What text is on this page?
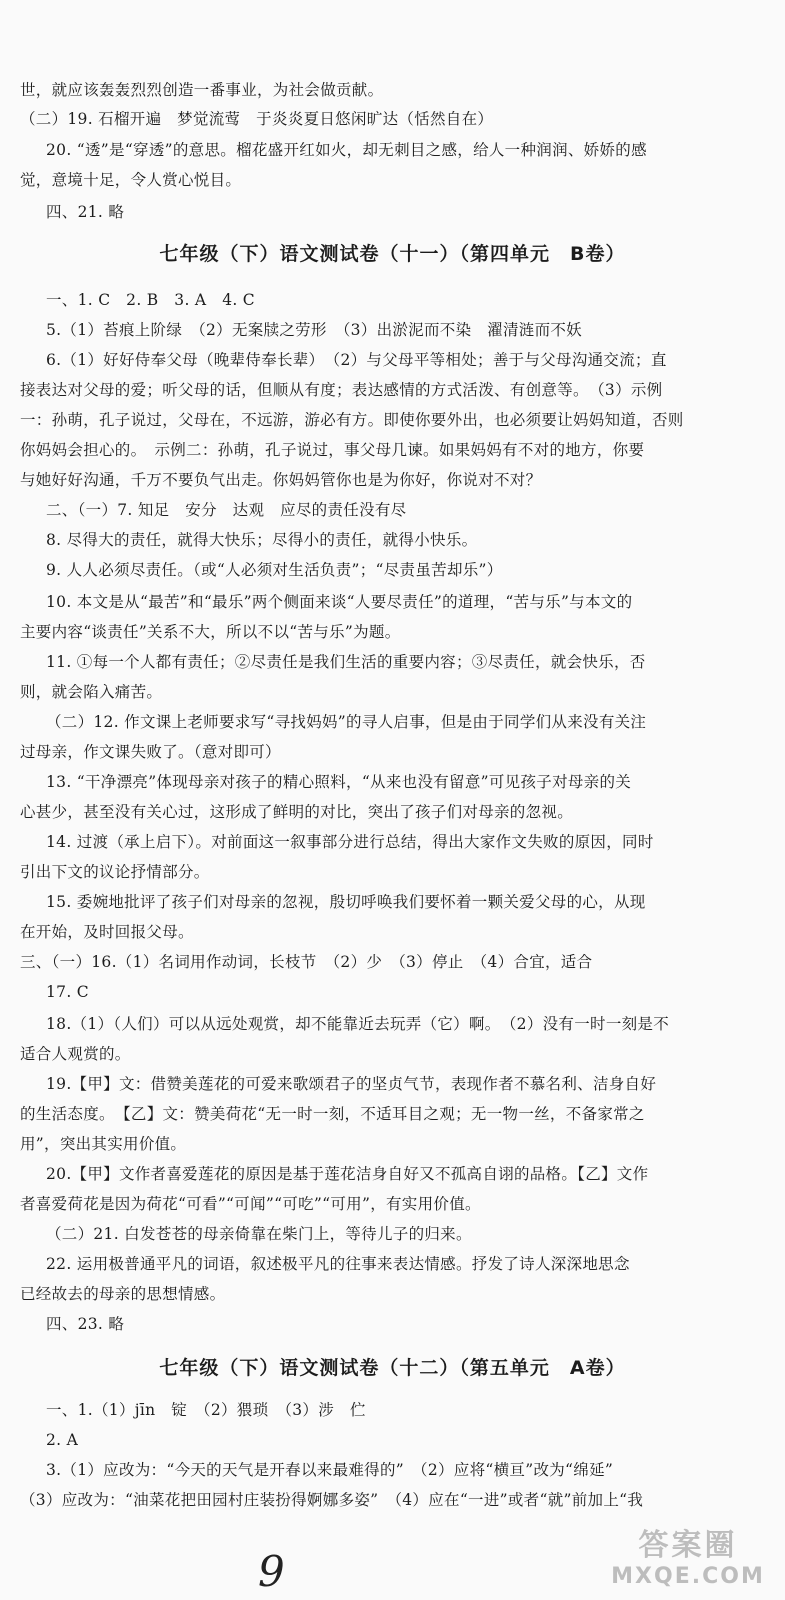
世，就应该轰轰烈烈创造一番事业，为社会做贡献。
（二）19. 石榴开遍　梦觉流莺　于炎炎夏日悠闲旷达（恬然自在）
20. “透”是“穿透”的意思。榴花盛开红如火，却无刺目之感，给人一种润润、娇娇的感
觉，意境十足，令人赏心悦目。
四、21. 略
七年级（下）语文测试卷（十一）（第四单元　B卷）
一、1. C　2. B　3. A　4. C
5.（1）苔痕上阶绿　（2）无案牍之劳形　（3）出淤泥而不染　濯清涟而不妖
6.（1）好好侍奉父母（晚辈侍奉长辈）　（2）与父母平等相处；善于与父母沟通交流；直
接表达对父母的爱；听父母的话，但顺从有度；表达感情的方式活泼、有创意等。　（3）示例
一：孙萌，孔子说过，父母在，不远游，游必有方。即使你要外出，也必须要让妈妈知道，否则
你妈妈会担心的。　示例二：孙萌，孔子说过，事父母几谏。如果妈妈有不对的地方，你要
与她好好沟通，千万不要负气出走。你妈妈管你也是为你好，你说对不对？
二、（一）7. 知足　安分　达观　应尽的责任没有尽
8. 尽得大的责任，就得大快乐；尽得小的责任，就得小快乐。
9. 人人必须尽责任。（或“人必须对生活负责”；“尽责虽苦却乐”）
10. 本文是从“最苦”和“最乐”两个侧面来谈“人要尽责任”的道理，“苦与乐”与本文的
主要内容“谈责任”关系不大，所以不以“苦与乐”为题。
11. ①每一个人都有责任；②尽责任是我们生活的重要内容；③尽责任，就会快乐，否
则，就会陷入痛苦。
（二）12. 作文课上老师要求写“寻找妈妈”的寻人启事，但是由于同学们从来没有关注
过母亲，作文课失败了。（意对即可）
13. “干净漂亮”体现母亲对孩子的精心照料，“从来也没有留意”可见孩子对母亲的关
心甚少，甚至没有关心过，这形成了鲜明的对比，突出了孩子们对母亲的忽视。
14. 过渡（承上启下）。对前面这一叙事部分进行总结，得出大家作文失败的原因，同时
引出下文的议论抒情部分。
15. 委婉地批评了孩子们对母亲的忽视，殷切呼唤我们要怀着一颗关爱父母的心，从现
在开始，及时回报父母。
三、（一）16.（1）名词用作动词，长枝节　（2）少　（3）停止　（4）合宜，适合
17. C
18.（1）（人们）可以从远处观赏，却不能靠近去玩弄（它）啊。　（2）没有一时一刻是不
适合人观赏的。
19.【甲】文：借赞美莲花的可爱来歌颂君子的坚贞气节，表现作者不慕名利、洁身自好
的生活态度。　【乙】文：赞美荷花“无一时一刻，不适耳目之观；无一物一丝，不备家常之
用”，突出其实用价值。
20.【甲】文作者喜爱莲花的原因是基于莲花洁身自好又不孤高自诩的品格。【乙】文作
者喜爱荷花是因为荷花“可看”“可闻”“可吃”“可用”，有实用价值。
（二）21. 白发苍苍的母亲倚靠在柴门上，等待儿子的归来。
22. 运用极普通平凡的词语，叙述极平凡的往事来表达情感。抒发了诗人深深地思念
已经故去的母亲的思想情感。
四、23. 略
七年级（下）语文测试卷（十二）（第五单元　A卷）
一、1.（1）jīn　锭　（2）猥琐　（3）涉　伫
2. A
3.（1）应改为：“今天的天气是开春以来最难得的”　（2）应将“横亘”改为“绵延”
（3）应改为：“油菜花把田园村庄装扮得婀娜多姿”　（4）应在“一进”或者“就”前加上“我
9
答案圈
MXQE.COM
